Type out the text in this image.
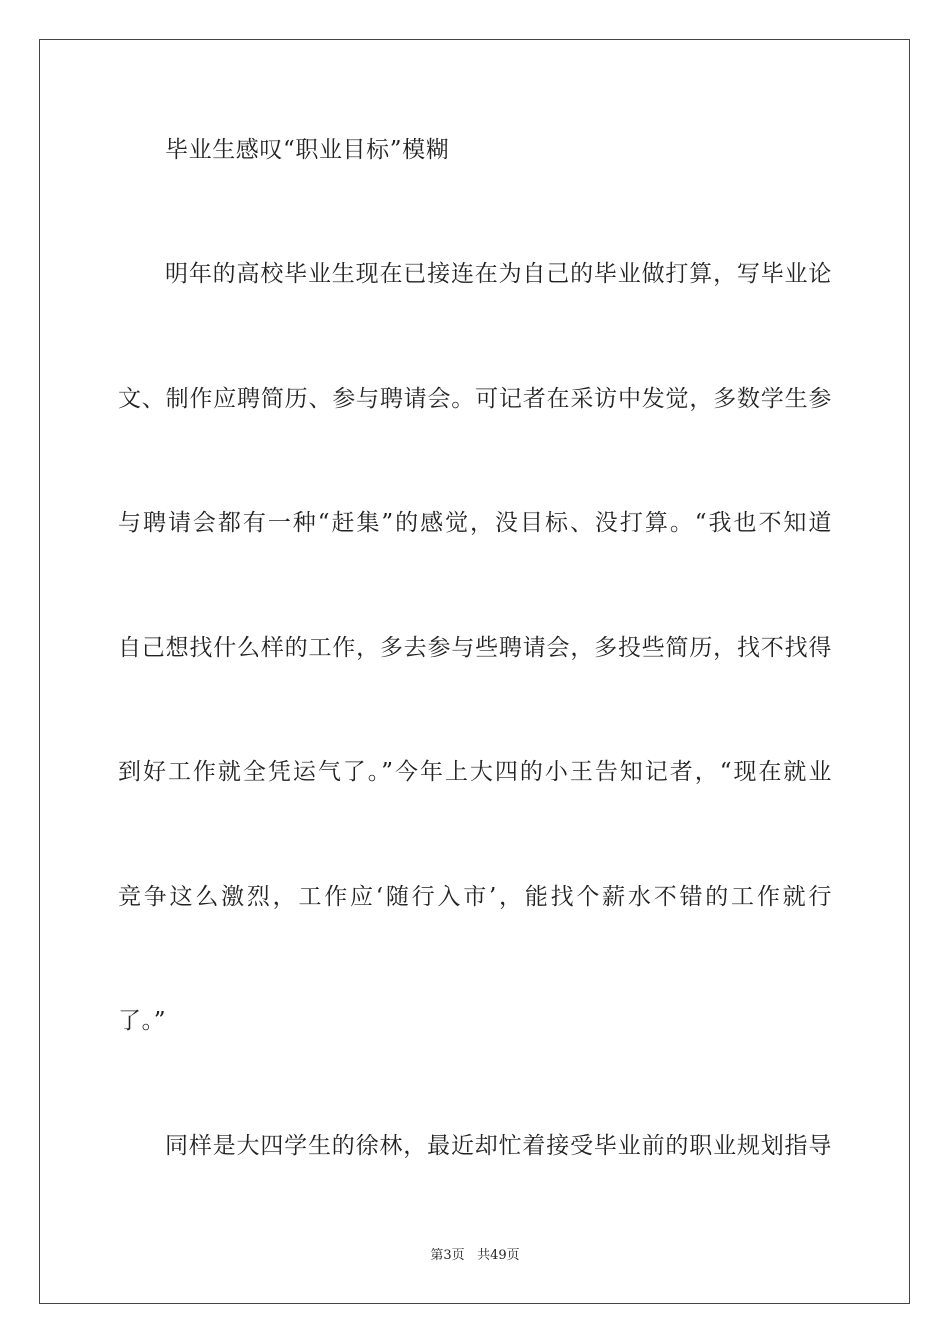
毕业生感叹“职业目标”模糊
明年的高校毕业生现在已接连在为自己的毕业做打算，写毕业论
文、制作应聘简历、参与聘请会。可记者在采访中发觉，多数学生参
与聘请会都有一种“赶集”的感觉，没目标、没打算。“我也不知道
自己想找什么样的工作，多去参与些聘请会，多投些简历，找不找得
到好工作就全凭运气了。”今年上大四的小王告知记者，“现在就业
竞争这么激烈，工作应‘随行入市’，能找个薪水不错的工作就行
了。”
同样是大四学生的徐林，最近却忙着接受毕业前的职业规划指导
第3页 共49页
